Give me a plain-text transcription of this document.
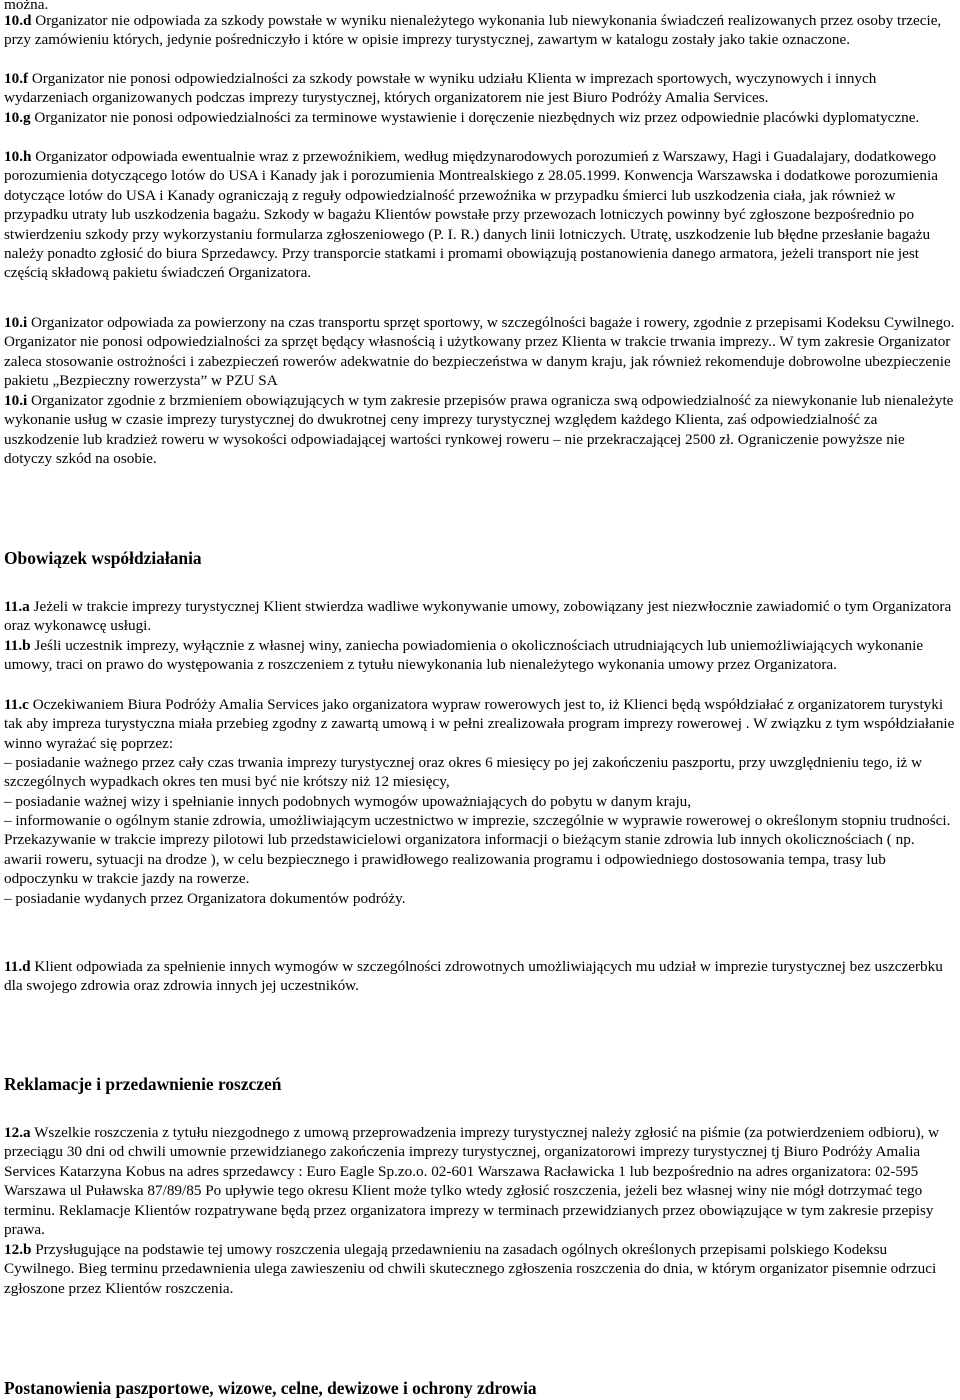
można.

10.d Organizator nie odpowiada za szkody powstałe w wyniku nienależytego wykonania lub niewykonania świadczeń realizowanych przez osoby trzecie, przy zamówieniu których, jedynie pośredniczyło i które w opisie imprezy turystycznej, zawartym w katalogu zostały jako takie oznaczone.

10.f Organizator nie ponosi odpowiedzialności za szkody powstałe w wyniku udziału Klienta w imprezach sportowych, wyczynowych i innych wydarzeniach organizowanych podczas imprezy turystycznej, których organizatorem nie jest Biuro Podróży Amalia Services.

10.g Organizator nie ponosi odpowiedzialności za terminowe wystawienie i doręczenie niezbędnych wiz przez odpowiednie placówki dyplomatyczne.

10.h Organizator odpowiada ewentualnie wraz z przewoźnikiem, według międzynarodowych porozumień z Warszawy, Hagi i Guadalajary, dodatkowego porozumienia dotyczącego lotów do USA i Kanady jak i porozumienia Montrealskiego z 28.05.1999. Konwencja Warszawska i dodatkowe porozumienia dotyczące lotów do USA i Kanady ograniczają z reguły odpowiedzialność przewoźnika w przypadku śmierci lub uszkodzenia ciała, jak również w przypadku utraty lub uszkodzenia bagażu. Szkody w bagażu Klientów powstałe przy przewozach lotniczych powinny być zgłoszone bezpośrednio po stwierdzeniu szkody przy wykorzystaniu formularza zgłoszeniowego (P. I. R.) danych linii lotniczych. Utratę, uszkodzenie lub błędne przesłanie bagażu należy ponadto zgłosić do biura Sprzedawcy. Przy transporcie statkami i promami obowiązują postanowienia danego armatora, jeżeli transport nie jest częścią składową pakietu świadczeń Organizatora.

10.i Organizator odpowiada za powierzony na czas transportu sprzęt sportowy, w szczególności bagaże i rowery, zgodnie z przepisami Kodeksu Cywilnego. Organizator nie ponosi odpowiedzialności za sprzęt będący własnością i użytkowany przez Klienta w trakcie trwania imprezy.. W tym zakresie Organizator zaleca stosowanie ostrożności i zabezpieczeń rowerów adekwatnie do bezpieczeństwa w danym kraju, jak również rekomenduje dobrowolne ubezpieczenie pakietu „Bezpieczny rowerzysta” w PZU SA

10.i Organizator zgodnie z brzmieniem obowiązujących w tym zakresie przepisów prawa ogranicza swą odpowiedzialność za niewykonanie lub nienależyte wykonanie usług w czasie imprezy turystycznej do dwukrotnej ceny imprezy turystycznej względem każdego Klienta, zaś odpowiedzialność za uszkodzenie lub kradzież roweru w wysokości odpowiadającej wartości rynkowej roweru – nie przekraczającej 2500 zł. Ograniczenie powyższe nie dotyczy szkód na osobie.

Obowiązek współdziałania

11.a Jeżeli w trakcie imprezy turystycznej Klient stwierdza wadliwe wykonywanie umowy, zobowiązany jest niezwłocznie zawiadomić o tym Organizatora oraz wykonawcę usługi.

11.b Jeśli uczestnik imprezy, wyłącznie z własnej winy, zaniecha powiadomienia o okolicznościach utrudniających lub uniemożliwiających wykonanie umowy, traci on prawo do występowania z roszczeniem z tytułu niewykonania lub nienależytego wykonania umowy przez Organizatora.

11.c Oczekiwaniem Biura Podróży Amalia Services jako organizatora wypraw rowerowych jest to, iż Klienci będą współdziałać z organizatorem turystyki tak aby impreza turystyczna miała przebieg zgodny z zawartą umową i w pełni zrealizowała program imprezy rowerowej . W związku z tym współdziałanie winno wyrażać się poprzez:

– posiadanie ważnego przez cały czas trwania imprezy turystycznej oraz okres 6 miesięcy po jej zakończeniu paszportu, przy uwzględnieniu tego, iż w szczególnych wypadkach okres ten musi być nie krótszy niż 12 miesięcy,

– posiadanie ważnej wizy i spełnianie innych podobnych wymogów upoważniających do pobytu w danym kraju,

– informowanie o ogólnym stanie zdrowia, umożliwiającym uczestnictwo w imprezie, szczególnie w wyprawie rowerowej o określonym stopniu trudności. Przekazywanie w trakcie imprezy pilotowi lub przedstawicielowi organizatora informacji o bieżącym stanie zdrowia lub innych okolicznościach ( np. awarii roweru, sytuacji na drodze ), w celu bezpiecznego i prawidłowego realizowania programu i odpowiedniego dostosowania tempa, trasy lub odpoczynku w trakcie jazdy na rowerze.

– posiadanie wydanych przez Organizatora dokumentów podróży.

11.d Klient odpowiada za spełnienie innych wymogów w szczególności zdrowotnych umożliwiających mu udział w imprezie turystycznej bez uszczerbku dla swojego zdrowia oraz zdrowia innych jej uczestników.

Reklamacje i przedawnienie roszczeń

12.a Wszelkie roszczenia z tytułu niezgodnego z umową przeprowadzenia imprezy turystycznej należy zgłosić na piśmie (za potwierdzeniem odbioru), w przeciągu 30 dni od chwili umownie przewidzianego zakończenia imprezy turystycznej, organizatorowi imprezy turystycznej tj Biuro Podróży Amalia Services Katarzyna Kobus na adres sprzedawcy : Euro Eagle Sp.zo.o. 02-601 Warszawa Racławicka 1 lub bezpośrednio na adres organizatora: 02-595 Warszawa ul Puławska 87/89/85 Po upływie tego okresu Klient może tylko wtedy zgłosić roszczenia, jeżeli bez własnej winy nie mógł dotrzymać tego terminu. Reklamacje Klientów rozpatrywane będą przez organizatora imprezy w terminach przewidzianych przez obowiązujące w tym zakresie przepisy prawa.

12.b Przysługujące na podstawie tej umowy roszczenia ulegają przedawnieniu na zasadach ogólnych określonych przepisami polskiego Kodeksu Cywilnego. Bieg terminu przedawnienia ulega zawieszeniu od chwili skutecznego zgłoszenia roszczenia do dnia, w którym organizator pisemnie odrzuci zgłoszone przez Klientów roszczenia.

Postanowienia paszportowe, wizowe, celne, dewizowe i ochrony zdrowia
